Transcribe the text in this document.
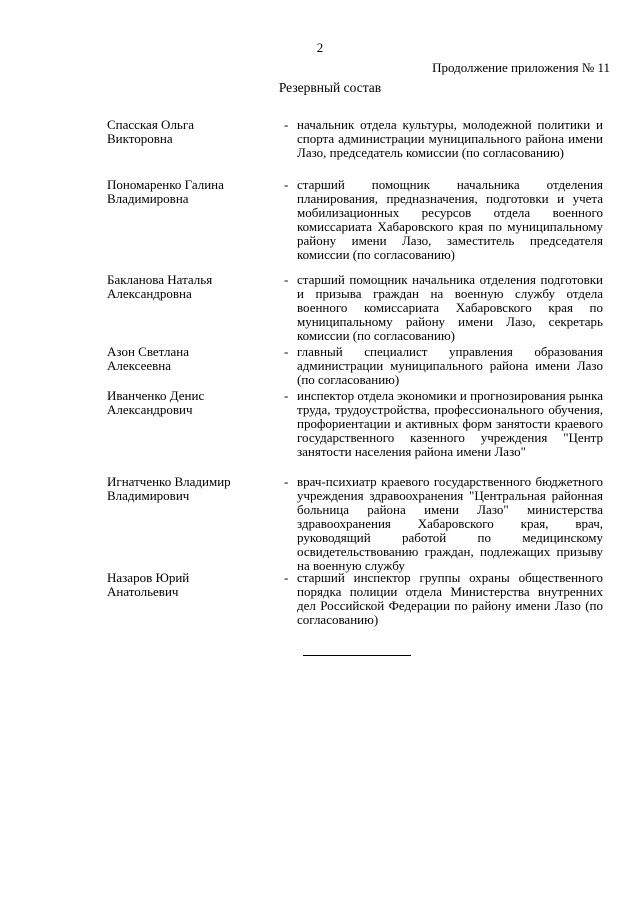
2
Продолжение приложения № 11
Резервный состав
Спасская Ольга
Викторовна
- начальник отдела культуры, молодежной политики и спорта администрации муниципального района имени Лазо, председатель комиссии (по согласованию)
Пономаренко Галина
Владимировна
- старший помощник начальника отделения планирования, предназначения, подготовки и учета мобилизационных ресурсов отдела военного комиссариата Хабаровского края по муниципальному району имени Лазо, заместитель председателя комиссии (по согласованию)
Бакланова Наталья
Александровна
- старший помощник начальника отделения подготовки и призыва граждан на военную службу отдела военного комиссариата Хабаровского края по муниципальному району имени Лазо, секретарь комиссии (по согласованию)
Азон Светлана
Алексеевна
- главный специалист управления образования администрации муниципального района имени Лазо (по согласованию)
Иванченко Денис
Александрович
- инспектор отдела экономики и прогнозирования рынка труда, трудоустройства, профессионального обучения, профориентации и активных форм занятости краевого государственного казенного учреждения "Центр занятости населения района имени Лазо"
Игнатченко Владимир
Владимирович
- врач-психиатр краевого государственного бюджетного учреждения здравоохранения "Центральная районная больница района имени Лазо" министерства здравоохранения Хабаровского края, врач, руководящий работой по медицинскому освидетельствованию граждан, подлежащих призыву на военную службу
Назаров Юрий
Анатольевич
- старший инспектор группы охраны общественного порядка полиции отдела Министерства внутренних дел Российской Федерации по району имени Лазо (по согласованию)
